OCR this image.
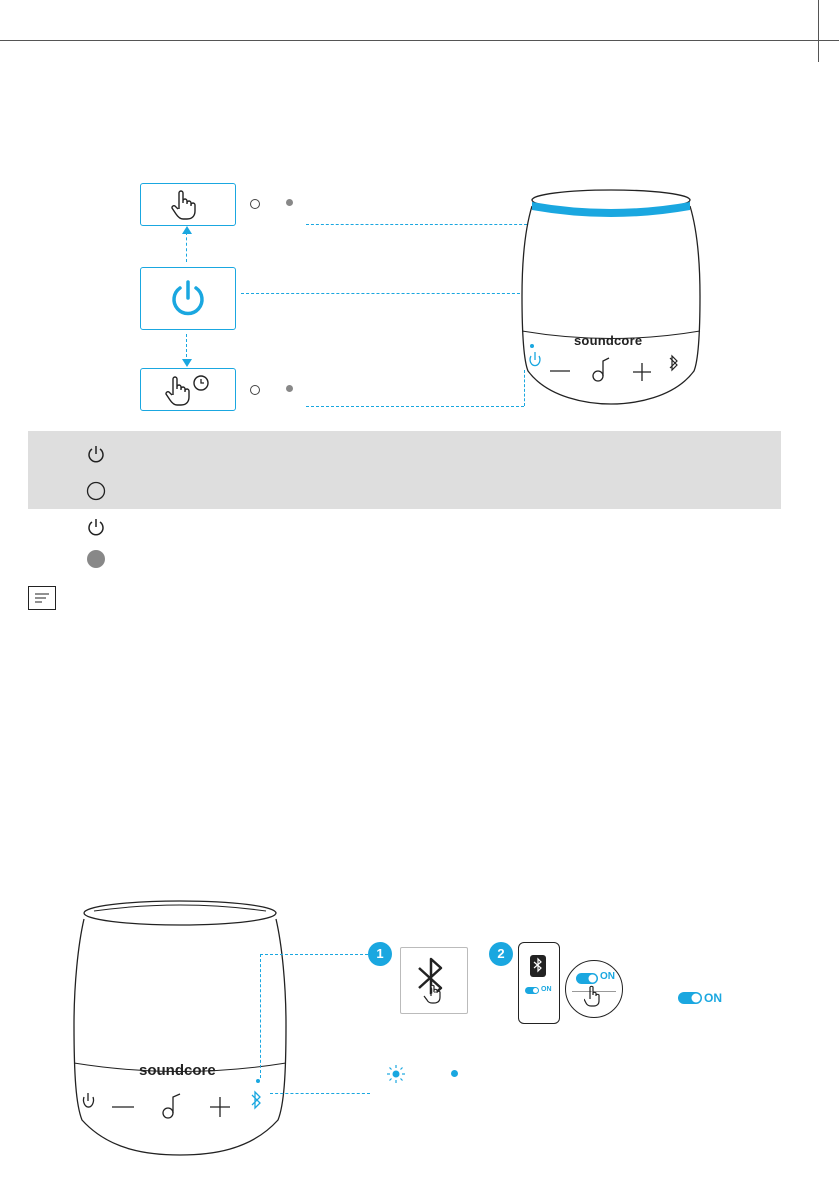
soundcore
soundcore
1	2
ON
ON
ON
